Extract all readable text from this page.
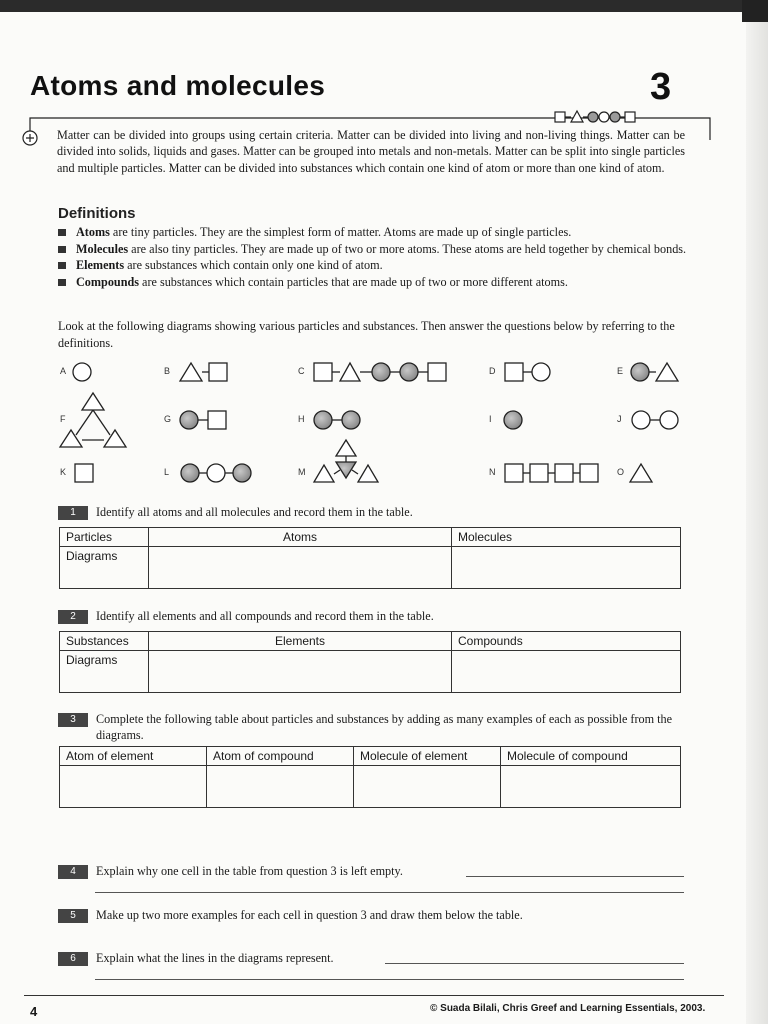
Atoms and molecules	3
Matter can be divided into groups using certain criteria. Matter can be divided into living and non-living things. Matter can be divided into solids, liquids and gases. Matter can be grouped into metals and non-metals. Matter can be split into single particles and multiple particles. Matter can be divided into substances which contain one kind of atom or more than one kind of atom.
Definitions
Atoms are tiny particles. They are the simplest form of matter. Atoms are made up of single particles.
Molecules are also tiny particles. They are made up of two or more atoms. These atoms are held together by chemical bonds.
Elements are substances which contain only one kind of atom.
Compounds are substances which contain particles that are made up of two or more different atoms.
Look at the following diagrams showing various particles and substances. Then answer the questions below by referring to the definitions.
A	B	C	D	E
F	G	H	I	J
K	L	M	N	O
1 Identify all atoms and all molecules and record them in the table.
Particles	Atoms	Molecules
Diagrams		
2 Identify all elements and all compounds and record them in the table.
Substances	Elements	Compounds
Diagrams		
3 Complete the following table about particles and substances by adding as many examples of each as possible from the diagrams.
Atom of element	Atom of compound	Molecule of element	Molecule of compound

4 Explain why one cell in the table from question 3 is left empty.
5 Make up two more examples for each cell in question 3 and draw them below the table.
6 Explain what the lines in the diagrams represent.
4	© Suada Bilali, Chris Greef and Learning Essentials, 2003.
